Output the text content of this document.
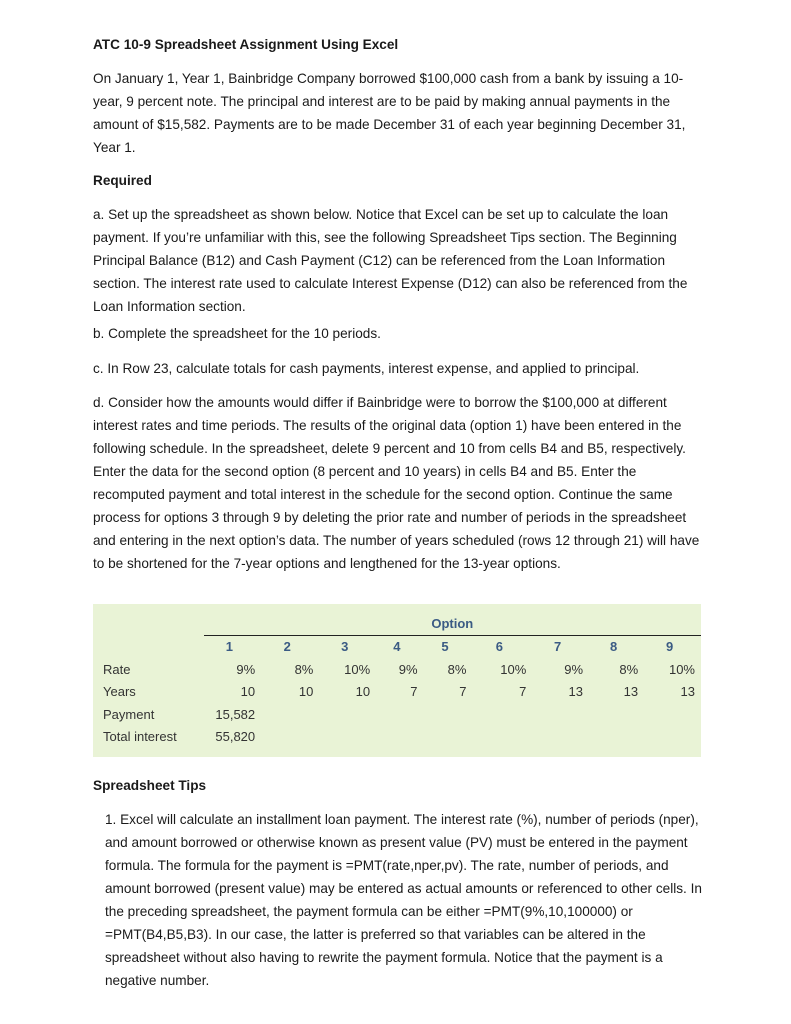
ATC 10-9 Spreadsheet Assignment Using Excel
On January 1, Year 1, Bainbridge Company borrowed $100,000 cash from a bank by issuing a 10-year, 9 percent note. The principal and interest are to be paid by making annual payments in the amount of $15,582. Payments are to be made December 31 of each year beginning December 31, Year 1.
Required
a. Set up the spreadsheet as shown below. Notice that Excel can be set up to calculate the loan payment. If you’re unfamiliar with this, see the following Spreadsheet Tips section. The Beginning Principal Balance (B12) and Cash Payment (C12) can be referenced from the Loan Information section. The interest rate used to calculate Interest Expense (D12) can also be referenced from the Loan Information section.
b. Complete the spreadsheet for the 10 periods.
c. In Row 23, calculate totals for cash payments, interest expense, and applied to principal.
d. Consider how the amounts would differ if Bainbridge were to borrow the $100,000 at different interest rates and time periods. The results of the original data (option 1) have been entered in the following schedule. In the spreadsheet, delete 9 percent and 10 from cells B4 and B5, respectively. Enter the data for the second option (8 percent and 10 years) in cells B4 and B5. Enter the recomputed payment and total interest in the schedule for the second option. Continue the same process for options 3 through 9 by deleting the prior rate and number of periods in the spreadsheet and entering in the next option’s data. The number of years scheduled (rows 12 through 21) will have to be shortened for the 7-year options and lengthened for the 13-year options.
	Option								
	1	2	3	4	5	6	7	8	9
Rate	9%	8%	10%	9%	8%	10%	9%	8%	10%
Years	10	10	10	7	7	7	13	13	13
Payment	15,582								
Total interest	55,820								
Spreadsheet Tips
1. Excel will calculate an installment loan payment. The interest rate (%), number of periods (nper), and amount borrowed or otherwise known as present value (PV) must be entered in the payment formula. The formula for the payment is =PMT(rate,nper,pv). The rate, number of periods, and amount borrowed (present value) may be entered as actual amounts or referenced to other cells. In the preceding spreadsheet, the payment formula can be either =PMT(9%,10,100000) or =PMT(B4,B5,B3). In our case, the latter is preferred so that variables can be altered in the spreadsheet without also having to rewrite the payment formula. Notice that the payment is a negative number.
